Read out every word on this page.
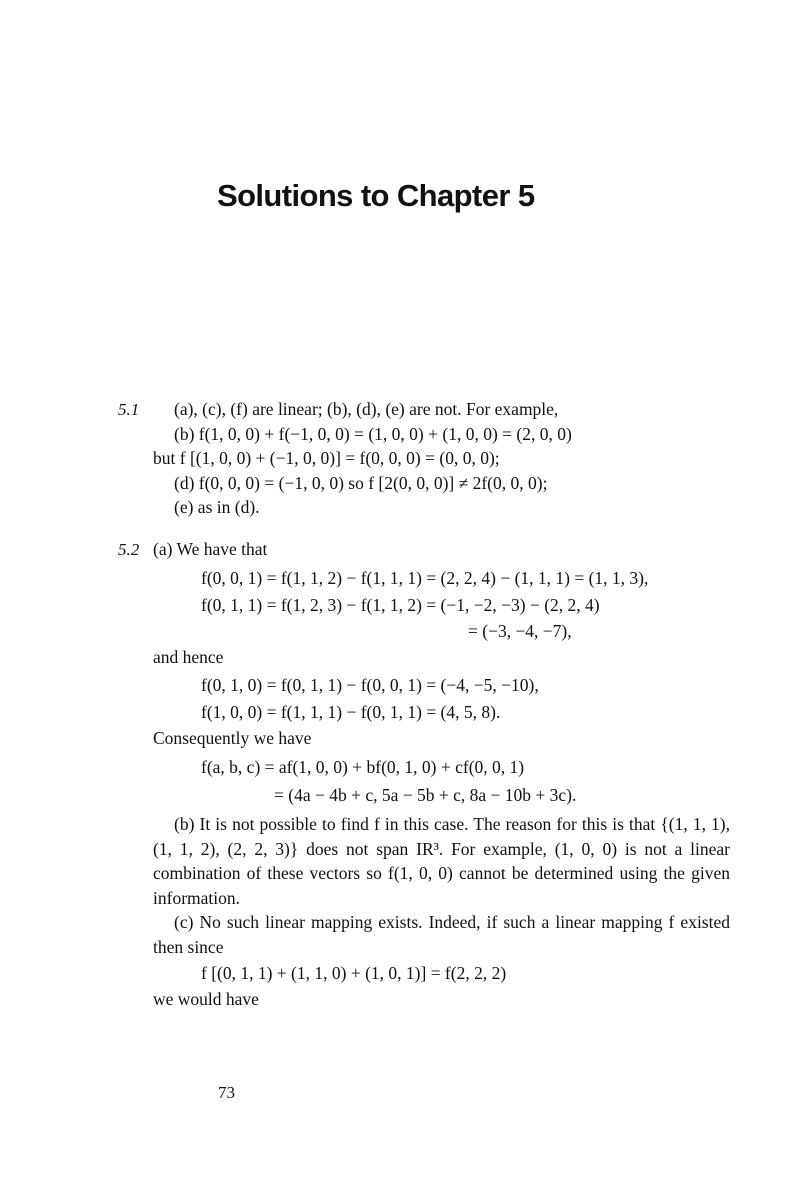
Solutions to Chapter 5
5.1 (a), (c), (f) are linear; (b), (d), (e) are not. For example,
(b) f(1, 0, 0) + f(−1, 0, 0) = (1, 0, 0) + (1, 0, 0) = (2, 0, 0)
but f [(1, 0, 0) + (−1, 0, 0)] = f(0, 0, 0) = (0, 0, 0);
(d) f(0, 0, 0) = (−1, 0, 0) so f [2(0, 0, 0)] ≠ 2f(0, 0, 0);
(e) as in (d).
5.2 (a) We have that
f(0, 0, 1) = f(1, 1, 2) − f(1, 1, 1) = (2, 2, 4) − (1, 1, 1) = (1, 1, 3),
f(0, 1, 1) = f(1, 2, 3) − f(1, 1, 2) = (−1, −2, −3) − (2, 2, 4)
= (−3, −4, −7),
and hence
f(0, 1, 0) = f(0, 1, 1) − f(0, 0, 1) = (−4, −5, −10),
f(1, 0, 0) = f(1, 1, 1) − f(0, 1, 1) = (4, 5, 8).
Consequently we have
f(a, b, c) = af(1, 0, 0) + bf(0, 1, 0) + cf(0, 0, 1)
= (4a − 4b + c, 5a − 5b + c, 8a − 10b + 3c).
(b) It is not possible to find f in this case. The reason for this is that {(1, 1, 1), (1, 1, 2), (2, 2, 3)} does not span IR³. For example, (1, 0, 0) is not a linear combination of these vectors so f(1, 0, 0) cannot be determined using the given information.
(c) No such linear mapping exists. Indeed, if such a linear mapping f existed then since
f [(0, 1, 1) + (1, 1, 0) + (1, 0, 1)] = f(2, 2, 2)
we would have
73
